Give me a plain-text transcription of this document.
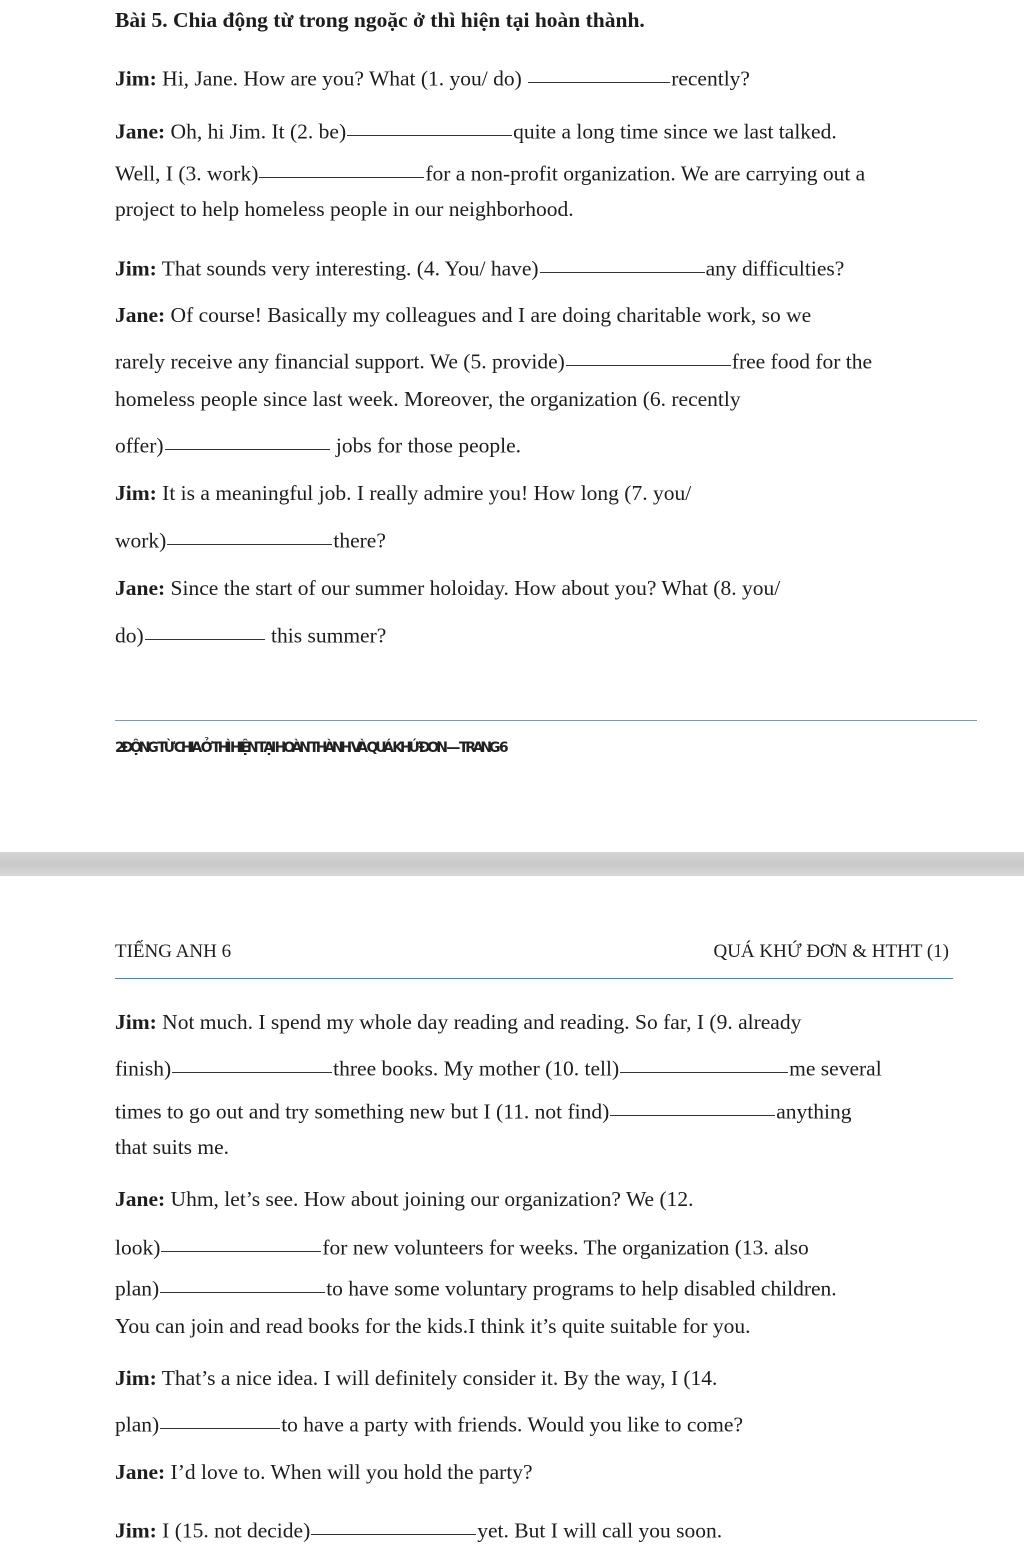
Bài 5. Chia động từ trong ngoặc ở thì hiện tại hoàn thành.
Jim: Hi, Jane. How are you? What (1. you/ do)	recently?
Jane: Oh, hi Jim. It (2. be)	quite a long time since we last talked.
Well, I (3. work)	for a non-profit organization. We are carrying out a
project to help homeless people in our neighborhood.
Jim: That sounds very interesting. (4. You/ have)	any difficulties?
Jane: Of course! Basically my colleagues and I are doing charitable work, so we
rarely receive any financial support. We (5. provide)	free food for the
homeless people since last week. Moreover, the organization (6. recently
offer)	jobs for those people.
Jim: It is a meaningful job. I really admire you! How long (7. you/
work)	there?
Jane: Since the start of our summer holoiday. How about you? What (8. you/
do)	this summer?
2ĐỘNG TỪ CHIA Ở THÌ HIỆN TẠI HOÀN THÀNH VÀ QUÁ KHỨ ĐƠN — TRANG 6
TIẾNG ANH 6	QUÁ KHỨ ĐƠN & HTHT (1)
Jim: Not much. I spend my whole day reading and reading. So far, I (9. already
finish)	three books. My mother (10. tell)	me several
times to go out and try something new but I (11. not find)	anything
that suits me.
Jane: Uhm, let’s see. How about joining our organization? We (12.
look)	for new volunteers for weeks. The organization (13. also
plan)	to have some voluntary programs to help disabled children.
You can join and read books for the kids.I think it’s quite suitable for you.
Jim: That’s a nice idea. I will definitely consider it. By the way, I (14.
plan)	to have a party with friends. Would you like to come?
Jane: I’d love to. When will you hold the party?
Jim: I (15. not decide)	yet. But I will call you soon.
